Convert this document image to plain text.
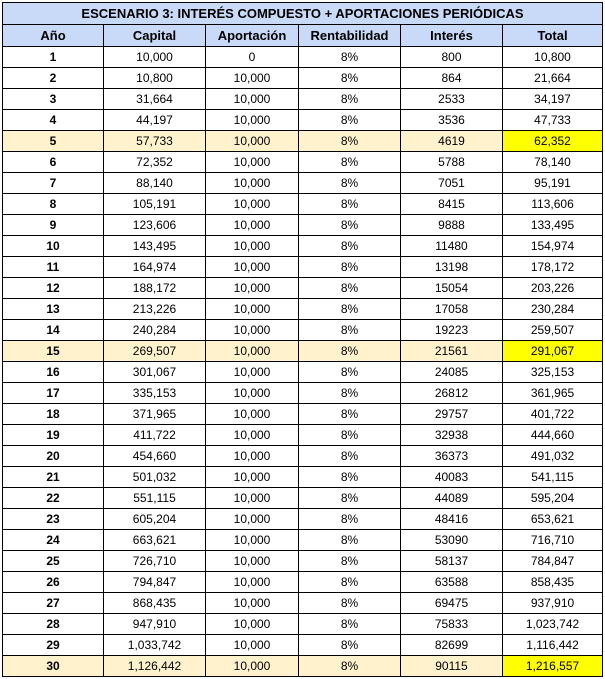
ESCENARIO 3: INTERÉS COMPUESTO + APORTACIONES PERIÓDICAS					
Año	Capital	Aportación	Rentabilidad	Interés	Total
1	10,000	0	8%	800	10,800
2	10,800	10,000	8%	864	21,664
3	31,664	10,000	8%	2533	34,197
4	44,197	10,000	8%	3536	47,733
5	57,733	10,000	8%	4619	62,352
6	72,352	10,000	8%	5788	78,140
7	88,140	10,000	8%	7051	95,191
8	105,191	10,000	8%	8415	113,606
9	123,606	10,000	8%	9888	133,495
10	143,495	10,000	8%	11480	154,974
11	164,974	10,000	8%	13198	178,172
12	188,172	10,000	8%	15054	203,226
13	213,226	10,000	8%	17058	230,284
14	240,284	10,000	8%	19223	259,507
15	269,507	10,000	8%	21561	291,067
16	301,067	10,000	8%	24085	325,153
17	335,153	10,000	8%	26812	361,965
18	371,965	10,000	8%	29757	401,722
19	411,722	10,000	8%	32938	444,660
20	454,660	10,000	8%	36373	491,032
21	501,032	10,000	8%	40083	541,115
22	551,115	10,000	8%	44089	595,204
23	605,204	10,000	8%	48416	653,621
24	663,621	10,000	8%	53090	716,710
25	726,710	10,000	8%	58137	784,847
26	794,847	10,000	8%	63588	858,435
27	868,435	10,000	8%	69475	937,910
28	947,910	10,000	8%	75833	1,023,742
29	1,033,742	10,000	8%	82699	1,116,442
30	1,126,442	10,000	8%	90115	1,216,557
